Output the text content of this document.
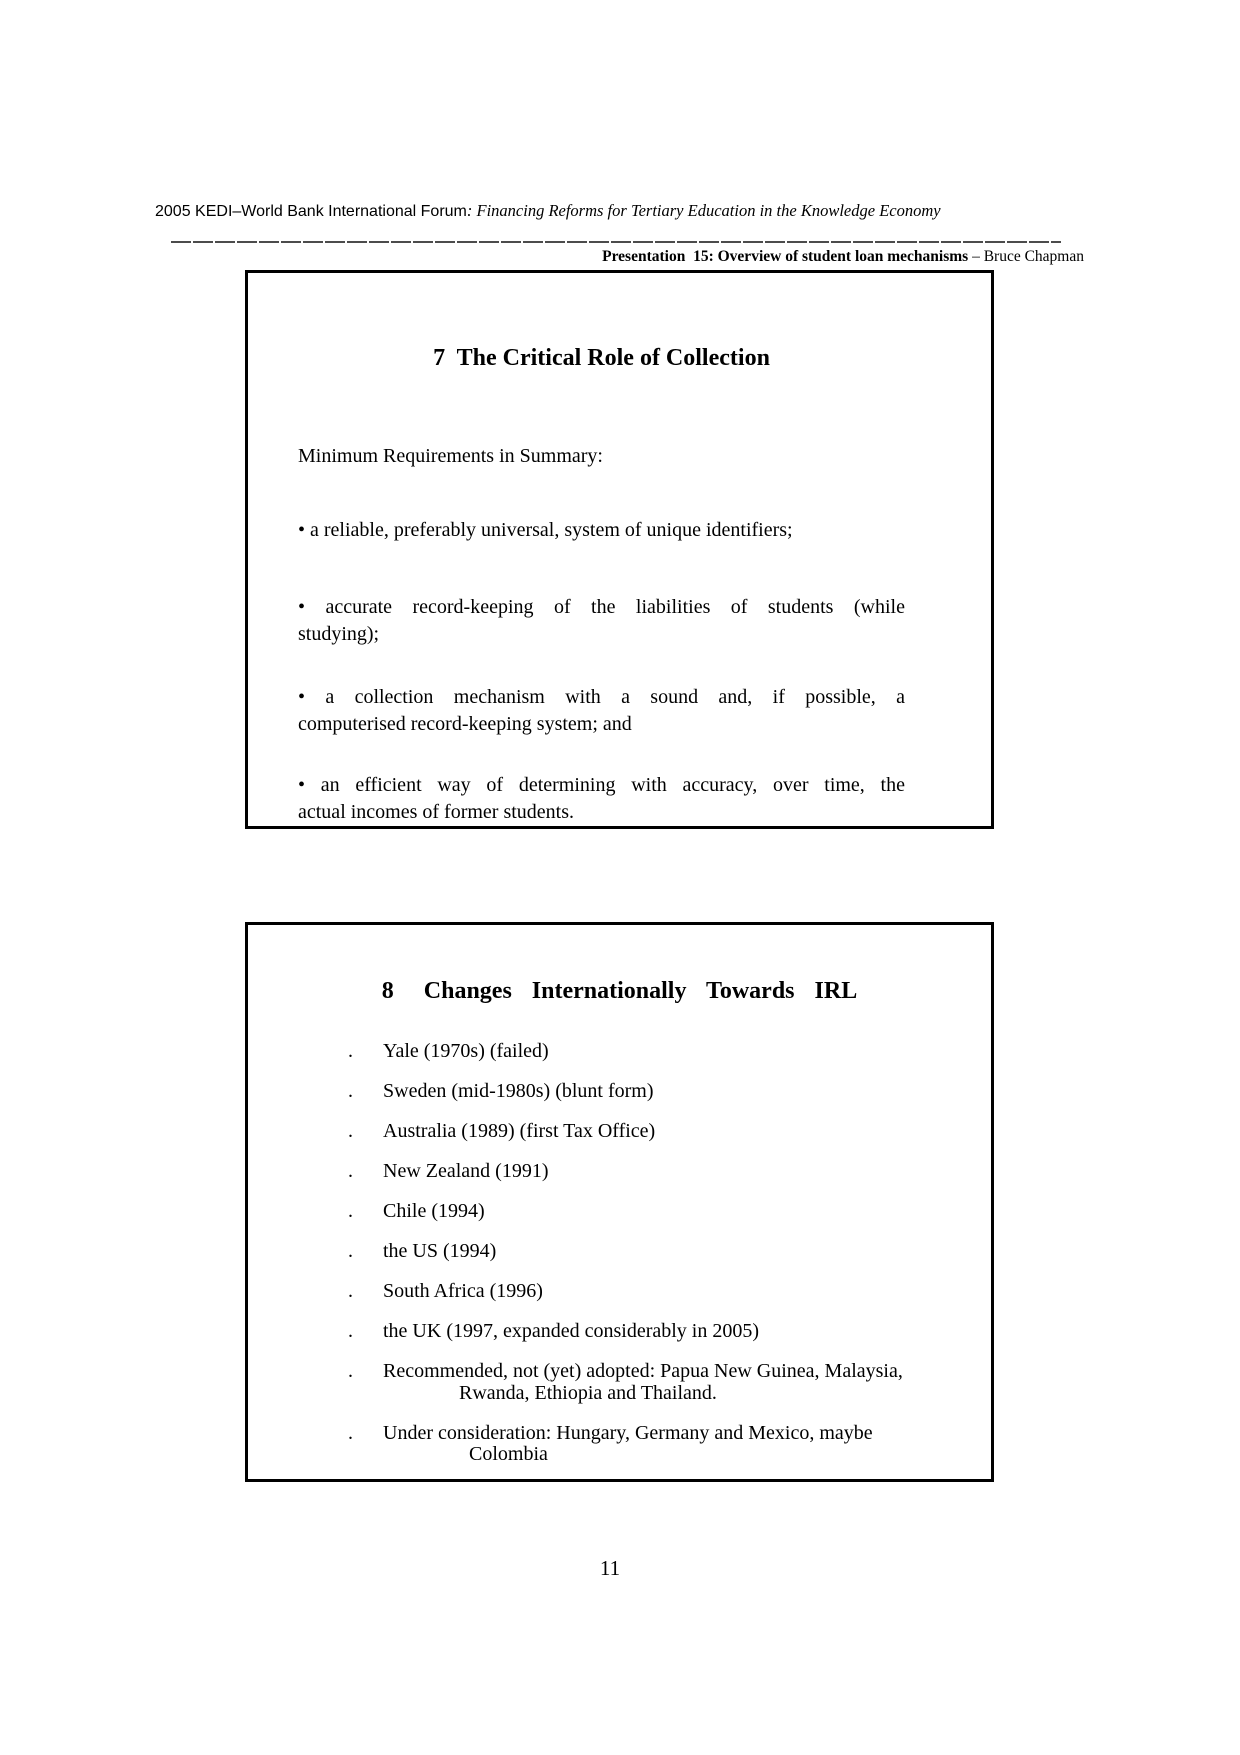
2005 KEDI–World Bank International Forum: Financing Reforms for Tertiary Education in the Knowledge Economy
Presentation  15: Overview of student loan mechanisms – Bruce Chapman
7  The Critical Role of Collection
Minimum Requirements in Summary:
• a reliable, preferably universal, system of unique identifiers;
• accurate record-keeping of the liabilities of students (while
studying);
• a collection mechanism with a sound and, if possible, a
computerised record-keeping system; and
• an efficient way of determining with accuracy, over time, the
actual incomes of former students.
8   Changes  Internationally  Towards  IRL
.	Yale (1970s) (failed)
.	Sweden (mid-1980s) (blunt form)
.	Australia (1989) (first Tax Office)
.	New Zealand (1991)
.	Chile (1994)
.	the US (1994)
.	South Africa (1996)
.	the UK (1997, expanded considerably in 2005)
.	Recommended, not (yet) adopted: Papua New Guinea, Malaysia,
Rwanda, Ethiopia and Thailand.
.	Under consideration: Hungary, Germany and Mexico, maybe
Colombia
11
